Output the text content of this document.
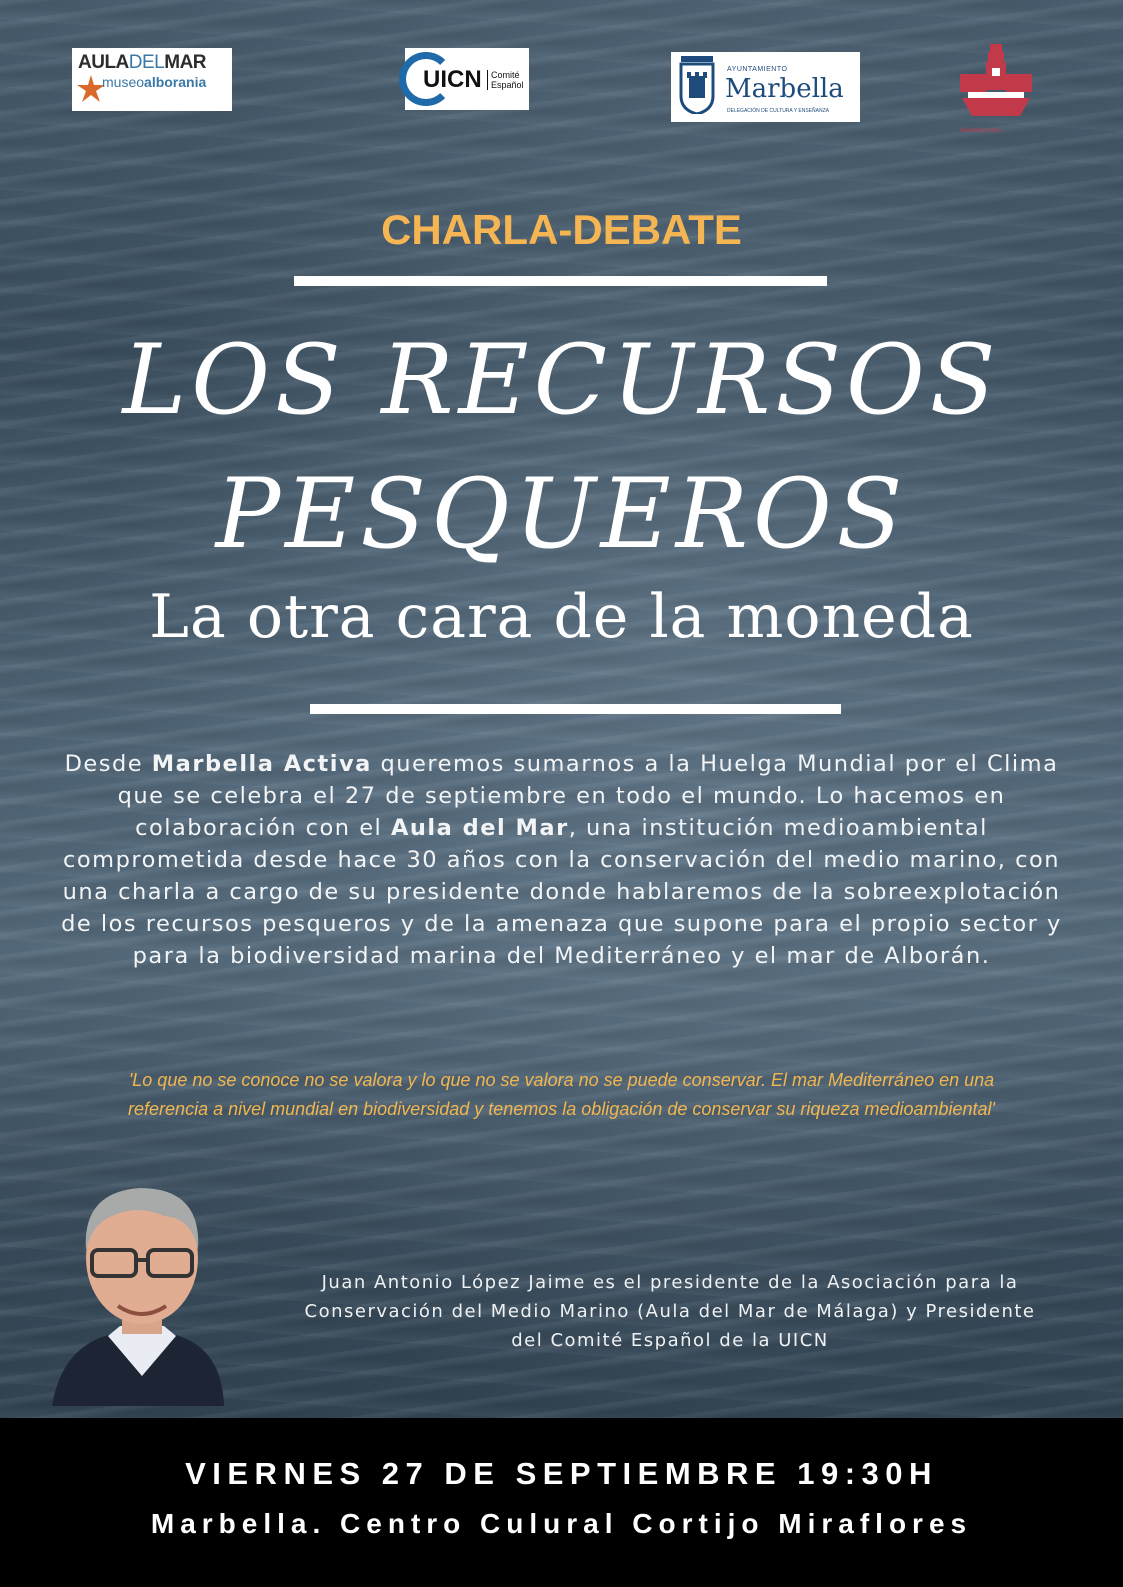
AULADELMAR
museoalborania	UICN	Comité
Español
AYUNTAMIENTO
Marbella
DELEGACIÓN DE CULTURA Y ENSEÑANZA
Marbella Activa
CHARLA-DEBATE
LOS RECURSOS
PESQUEROS
La otra cara de la moneda
Desde Marbella Activa queremos sumarnos a la Huelga Mundial por el Clima que se celebra el 27 de septiembre en todo el mundo. Lo hacemos en colaboración con el Aula del Mar, una institución medioambiental comprometida desde hace 30 años con la conservación del medio marino, con una charla a cargo de su presidente donde hablaremos de la sobreexplotación de los recursos pesqueros y de la amenaza que supone para el propio sector y para la biodiversidad marina del Mediterráneo y el mar de Alborán.
'Lo que no se conoce no se valora y lo que no se valora no se puede conservar. El mar Mediterráneo en una referencia a nivel mundial en biodiversidad y tenemos la obligación de conservar su riqueza medioambiental'
Juan Antonio López Jaime es el presidente de la Asociación para la Conservación del Medio Marino (Aula del Mar de Málaga) y Presidente del Comité Español de la UICN
VIERNES 27 DE SEPTIEMBRE 19:30H
Marbella. Centro Culural Cortijo Miraflores
